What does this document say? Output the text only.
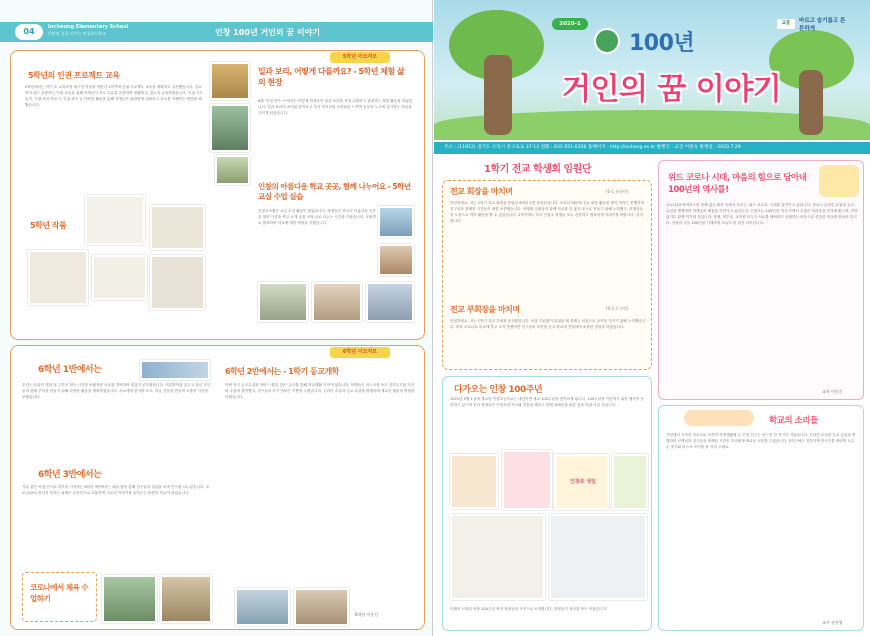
04	Incheung Elementary School
희망의 꿈을 키우는 인창초등학교	인창 100년 거인의 꿈 이야기
5학년 이모저모
5학년의 인권 프로젝트 교육
5학년에서는 학기 초 교육과정 재구성 작업을 하면서 1학기에 인권 프로젝트 교육을 계획하고 실천했습니다. 강요하지 않는 존중하는 인권 교육을 위해 학생들이 서로 다름을 존중하며 생활할 수 있도록 교육하였습니다. 인권 카드놀이, 인권 표어 만들기, 인권 퀴즈 등 다양한 활동을 통해 학생들은 평화롭게 대화하고 서로를 이해하는 방법을 배웠습니다.
밀과 보리, 어떻게 다를까요? - 5학년 체험 삶의 현장
6월 '이것 만은~!'에서는 이렇게 학생들이 밀과 보리를 직접 수확하고 관찰하는 체험 활동을 하였습니다. 밀과 보리의 차이를 알아보고 우리 먹거리의 소중함을 느끼며 농부의 노고에 감사하는 마음을 가지게 되었습니다.
인창의 아름다운 학교 곳곳, 함께 나누어요 - 5학년 교실 수업 실습
인창초 5월은 교실 수업 활동이 많았습니다. 학생들은 학교의 아름다운 곳곳을 찾아 사진을 찍고 소개 글을 쓰며 서로 나누는 시간을 가졌습니다. 모둠별로 발표하며 학교에 대한 애정을 키웠습니다.
5학년 작품
6학년 이모저모
6학년 1반에서는
우리는 온라인 개학 첫 주부터 힘든 시간을 보냈지만 서로를 격려하며 열심히 공부했습니다. 여름방학을 앞두고 학급 친구들과 함께 추억을 만들기 위해 다양한 활동을 계획하였습니다. 서로에게 편지를 쓰고, 학급 신문을 만들며 소중한 시간을 보냈습니다.
6학년 3반에서는
기분 좋은 아침 인사로 하루를 시작하는 6학년 3반에서는 매일 줌을 통해 친구들의 얼굴을 보며 인사를 나누었습니다. 코로나19로 만나지 못하는 날에도 온라인으로 소통하며 서로의 이야기를 들어주는 따뜻한 학급이 되었습니다.
코로나에서 체육 수업하기
6학년 2반에서는 - 1학기 등교개학
이번 학기 등교수업을 하며 느꼈던 것은 '교사를 통해 학교생활 시작'이었습니다. 학생들은 마스크를 쓰고 거리두기를 지키며 수업에 참여했고, 친구들과 다시 만나는 기쁨을 누렸습니다. 온라인 수업과 등교 수업을 병행하며 새로운 배움의 방법을 익혔습니다.
6학년 이준선
2020-1
100년
거인의 꿈 이야기
교훈	바르고 슬기롭고 튼튼하게
주소 : (11912) 경기도 구리시 충구로로 37-13 전화 : 031-551-0356 홈페이지 : http://inchang.es.kr 발행인 : 교장 이현숙 발행일 : 2020.7.29
1학기 전교 학생회 임원단
전교 회장을 마치며	(6-1 유하린)
안녕하세요. 저는 1학기 전교 회장을 맡았던 6학년 1반 유하린입니다. 코로나 때문에 전교 회장 활동을 많이 하지는 못했지만 친구들과 함께한 시간들이 정말 소중했습니다. 학생회 임원들과 함께 학교를 더 좋은 곳으로 만들기 위해 노력했고, 선생님들의 도움으로 여러 활동을 할 수 있었습니다. 2학기에도 우리 인창초 학생들 모두 건강하고 행복하게 지내기를 바랍니다. 감사합니다.
전교 부회장을 마치며	(6-2 문지원)
안녕하세요. 저는 1학기 전교 부회장 문지원입니다. 처음 부회장이 되었을 때 설레는 마음으로 공약을 지키기 위해 노력했습니다. 비록 코로나로 학교에 자주 오지 못했지만 친구들의 의견을 듣고 학교에 전달하며 소중한 경험을 하였습니다.
다가오는 인창 100주년
1921년 5월 1일에 개교한 인창초등학교는 내년이면 개교 100주년을 맞이하게 됩니다. 100주년을 기념하기 위한 행사를 준비하고 있으며 우리 학생들은 인창초의 역사와 전통을 배우고 미래 100년을 위한 꿈을 키워 나갈 것입니다.
인창초 생일
아래의 신청된 작품 100주년 축하 작품들을 사진으로 소개합니다. 학생들이 정성껏 만든 작품입니다.
위드 코로나 시대, 마음의 힘으로 담아내 100년의 역사를!
코로나19 바이러스의 전례 없는 확산 속에서 우리는 '위드 코로나' 시대를 살아가고 있습니다. 학교는 온라인 수업과 등교 수업을 병행하며 학생들의 배움을 이어가고 있습니다. 인창초는 100년의 역사 속에서 수많은 어려움을 이겨내 왔으며, 이번 위기도 함께 이겨낼 것입니다. 학생, 학부모, 교직원 모두가 서로를 배려하고 응원하는 마음으로 건강한 학교를 만들어 갑시다. 인창의 다음 100년을 기대하며 오늘도 한 걸음 나아갑니다.
교사 이인순
학교의 소리들
가정에서 시작한 코로나로 인하여 학생생활에 온 인창 친구는 어느덧 한 학기가 지났습니다. 온라인 수업과 등교 수업을 병행하며 선생님과 친구들과 함께한 시간은 우리에게 새로운 의미를 주었습니다. 2학기에도 건강하게 만나기를 바라며 모두 손 씻기와 마스크 쓰기를 잘 지켜 주세요.
교사 권진영
